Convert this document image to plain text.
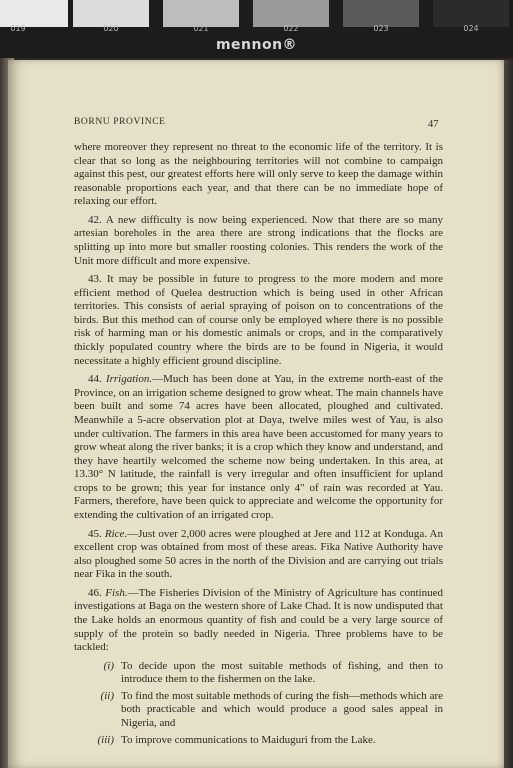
019	020	021	022	023	024
mennon®
BORNU PROVINCE	47

where moreover they represent no threat to the economic life of the territory. It is clear that so long as the neighbouring territories will not combine to campaign against this pest, our greatest efforts here will only serve to keep the damage within reasonable proportions each year, and that there can be no immediate hope of relaxing our effort.

42. A new difficulty is now being experienced. Now that there are so many artesian boreholes in the area there are strong indications that the flocks are splitting up into more but smaller roosting colonies. This renders the work of the Unit more difficult and more expensive.

43. It may be possible in future to progress to the more modern and more efficient method of Quelea destruction which is being used in other African territories. This consists of aerial spraying of poison on to concentrations of the birds. But this method can of course only be employed where there is no possible risk of harming man or his domestic animals or crops, and in the comparatively thickly populated country where the birds are to be found in Nigeria, it would necessitate a highly efficient ground discipline.

44. Irrigation.—Much has been done at Yau, in the extreme north-east of the Province, on an irrigation scheme designed to grow wheat. The main channels have been built and some 74 acres have been allocated, ploughed and cultivated. Meanwhile a 5-acre observation plot at Daya, twelve miles west of Yau, is also under cultivation. The farmers in this area have been accustomed for many years to grow wheat along the river banks; it is a crop which they know and understand, and they have heartily welcomed the scheme now being undertaken. In this area, at 13.30° N latitude, the rainfall is very irregular and often insufficient for upland crops to be grown; this year for instance only 4" of rain was recorded at Yau. Farmers, therefore, have been quick to appreciate and welcome the opportunity for extending the cultivation of an irrigated crop.

45. Rice.—Just over 2,000 acres were ploughed at Jere and 112 at Konduga. An excellent crop was obtained from most of these areas. Fika Native Authority have also ploughed some 50 acres in the north of the Division and are carrying out trials near Fika in the south.

46. Fish.—The Fisheries Division of the Ministry of Agriculture has continued investigations at Baga on the western shore of Lake Chad. It is now undisputed that the Lake holds an enormous quantity of fish and could be a very large source of supply of the protein so badly needed in Nigeria. Three problems have to be tackled:

(i) To decide upon the most suitable methods of fishing, and then to introduce them to the fishermen on the lake.
(ii) To find the most suitable methods of curing the fish—methods which are both practicable and which would produce a good sales appeal in Nigeria, and
(iii) To improve communications to Maiduguri from the Lake.
